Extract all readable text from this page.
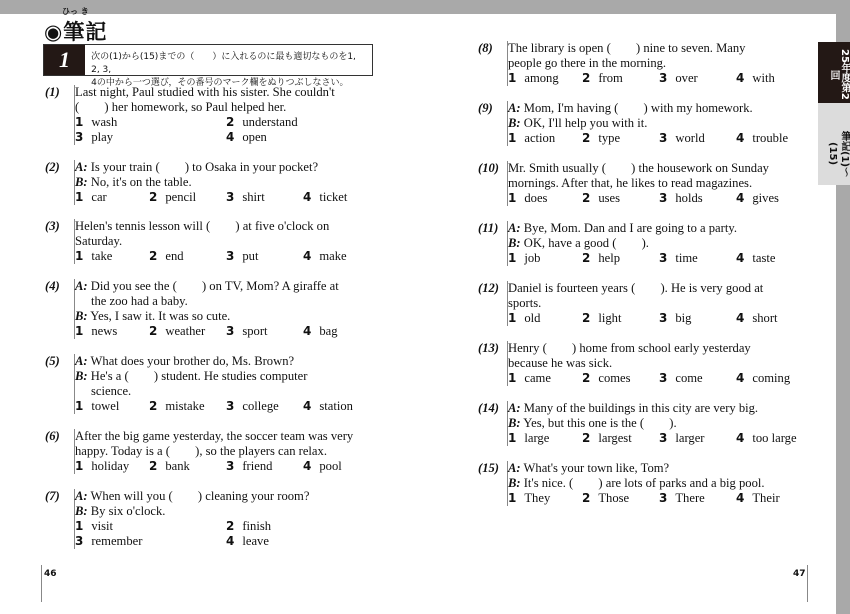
ひっ き
◉筆記
1	次の(1)から(15)までの（　　）に入れるのに最も適切なものを1, 2, 3,
4の中から一つ選び，その番号のマーク欄をぬりつぶしなさい。	25年度第2回
筆記(1)〜(15)
(1) Last night, Paul studied with his sister. She couldn't
(　　) her homework, so Paul helped her.
1 wash	2 understand
3 play	4 open
(2) A: Is your train (　　) to Osaka in your pocket?
B: No, it's on the table.
1 car	2 pencil 3 shirt	4 ticket
(3) Helen's tennis lesson will (　　) at five o'clock on
Saturday.
1 take	2 end	3 put	4 make
(4) A: Did you see the (　　) on TV, Mom? A giraffe at
the zoo had a baby.
B: Yes, I saw it. It was so cute.
1 news	2 weather 3 sport	4 bag
(5) A: What does your brother do, Ms. Brown?
B: He's a (　　) student. He studies computer
science.
1 towel 2 mistake 3 college 4 station
(6) After the big game yesterday, the soccer team was very
happy. Today is a (　　), so the players can relax.
1 holiday 2 bank	3 friend	4 pool
(7) A: When will you (　　) cleaning your room?
B: By six o'clock.
1 visit	2 finish
3 remember	4 leave
(8) The library is open (　　) nine to seven. Many
people go there in the morning.
1 among 2 from	3 over	4 with
(9) A: Mom, I'm having (　　) with my homework.
B: OK, I'll help you with it.
1 action 2 type	3 world	4 trouble
(10) Mr. Smith usually (　　) the housework on Sunday
mornings. After that, he likes to read magazines.
1 does	2 uses	3 holds	4 gives
(11) A: Bye, Mom. Dan and I are going to a party.
B: OK, have a good (　　).
1 job	2 help	3 time	4 taste
(12) Daniel is fourteen years (　　). He is very good at
sports.
1 old	2 light	3 big	4 short
(13) Henry (　　) home from school early yesterday
because he was sick.
1 came	2 comes 3 come	4 coming
(14) A: Many of the buildings in this city are very big.
B: Yes, but this one is the (　　).
1 large	2 largest 3 larger	4 too large
(15) A: What's your town like, Tom?
B: It's nice. (　　) are lots of parks and a big pool.
1 They	2 Those 3 There	4 Their
46	47
